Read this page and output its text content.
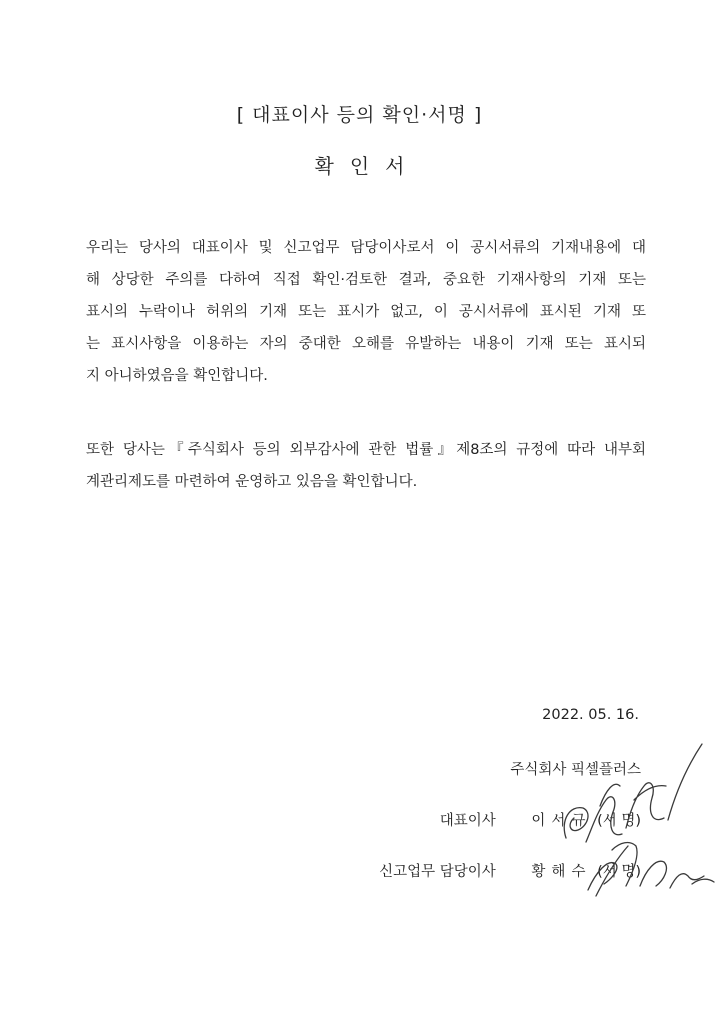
[ 대표이사 등의 확인·서명 ]
확 인 서
우리는 당사의 대표이사 및 신고업무 담당이사로서 이 공시서류의 기재내용에 대
해 상당한 주의를 다하여 직접 확인·검토한 결과, 중요한 기재사항의 기재 또는
표시의 누락이나 허위의 기재 또는 표시가 없고, 이 공시서류에 표시된 기재 또
는 표시사항을 이용하는 자의 중대한 오해를 유발하는 내용이 기재 또는 표시되
지 아니하였음을 확인합니다.
또한 당사는『주식회사 등의 외부감사에 관한 법률』제8조의 규정에 따라 내부회
계관리제도를 마련하여 운영하고 있음을 확인합니다.
2022. 05. 16.
주식회사 픽셀플러스
대표이사 이 서 규 (서 명)
신고업무 담당이사 황 해 수 (서 명)
